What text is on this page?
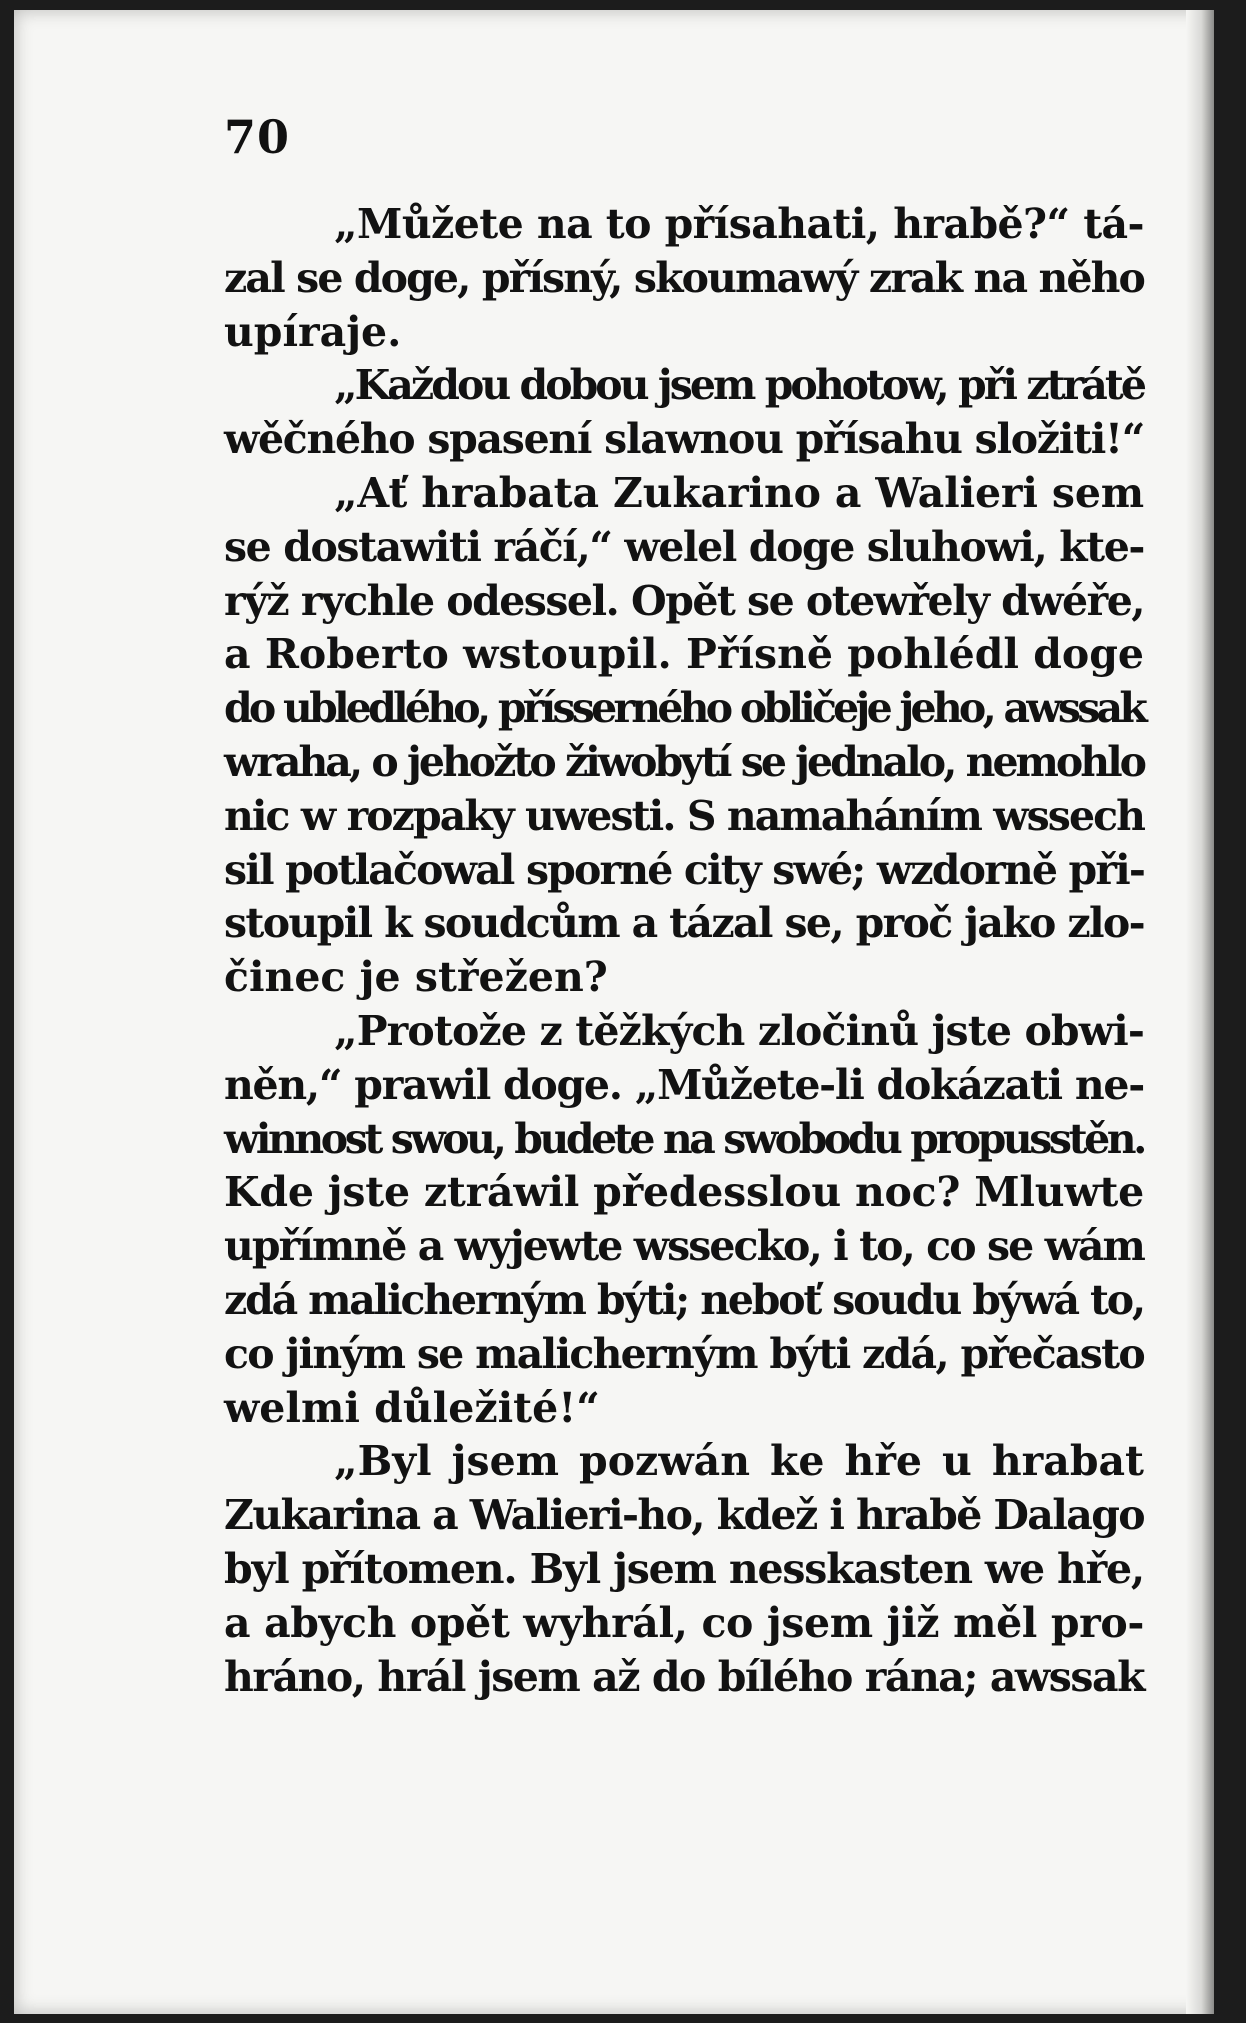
70
„Můžete na to přísahati, hrabě?“ tá-
zal se doge, přísný, skoumawý zrak na něho
upíraje.
„Každou dobou jsem pohotow, při ztrátě
wěčného spasení slawnou přísahu složiti!“
„Ať hrabata Zukarino a Walieri sem
se dostawiti ráčí,“ welel doge sluhowi, kte-
rýž rychle odessel. Opět se otewřely dwéře,
a Roberto wstoupil. Přísně pohlédl doge
do ubledlého, přísserného obličeje jeho, awssak
wraha, o jehožto žiwobytí se jednalo, nemohlo
nic w rozpaky uwesti. S namaháním wssech
sil potlačowal sporné city swé; wzdorně při-
stoupil k soudcům a tázal se, proč jako zlo-
činec je střežen?
„Protože z těžkých zločinů jste obwi-
něn,“ prawil doge. „Můžete-li dokázati ne-
winnost swou, budete na swobodu propusstěn.
Kde jste ztráwil předesslou noc? Mluwte
upřímně a wyjewte wssecko, i to, co se wám
zdá malicherným býti; neboť soudu býwá to,
co jiným se malicherným býti zdá, přečasto
welmi důležité!“
„Byl jsem pozwán ke hře u hrabat
Zukarina a Walieri-ho, kdež i hrabě Dalago
byl přítomen. Byl jsem nesskasten we hře,
a abych opět wyhrál, co jsem již měl pro-
hráno, hrál jsem až do bílého rána; awssak
